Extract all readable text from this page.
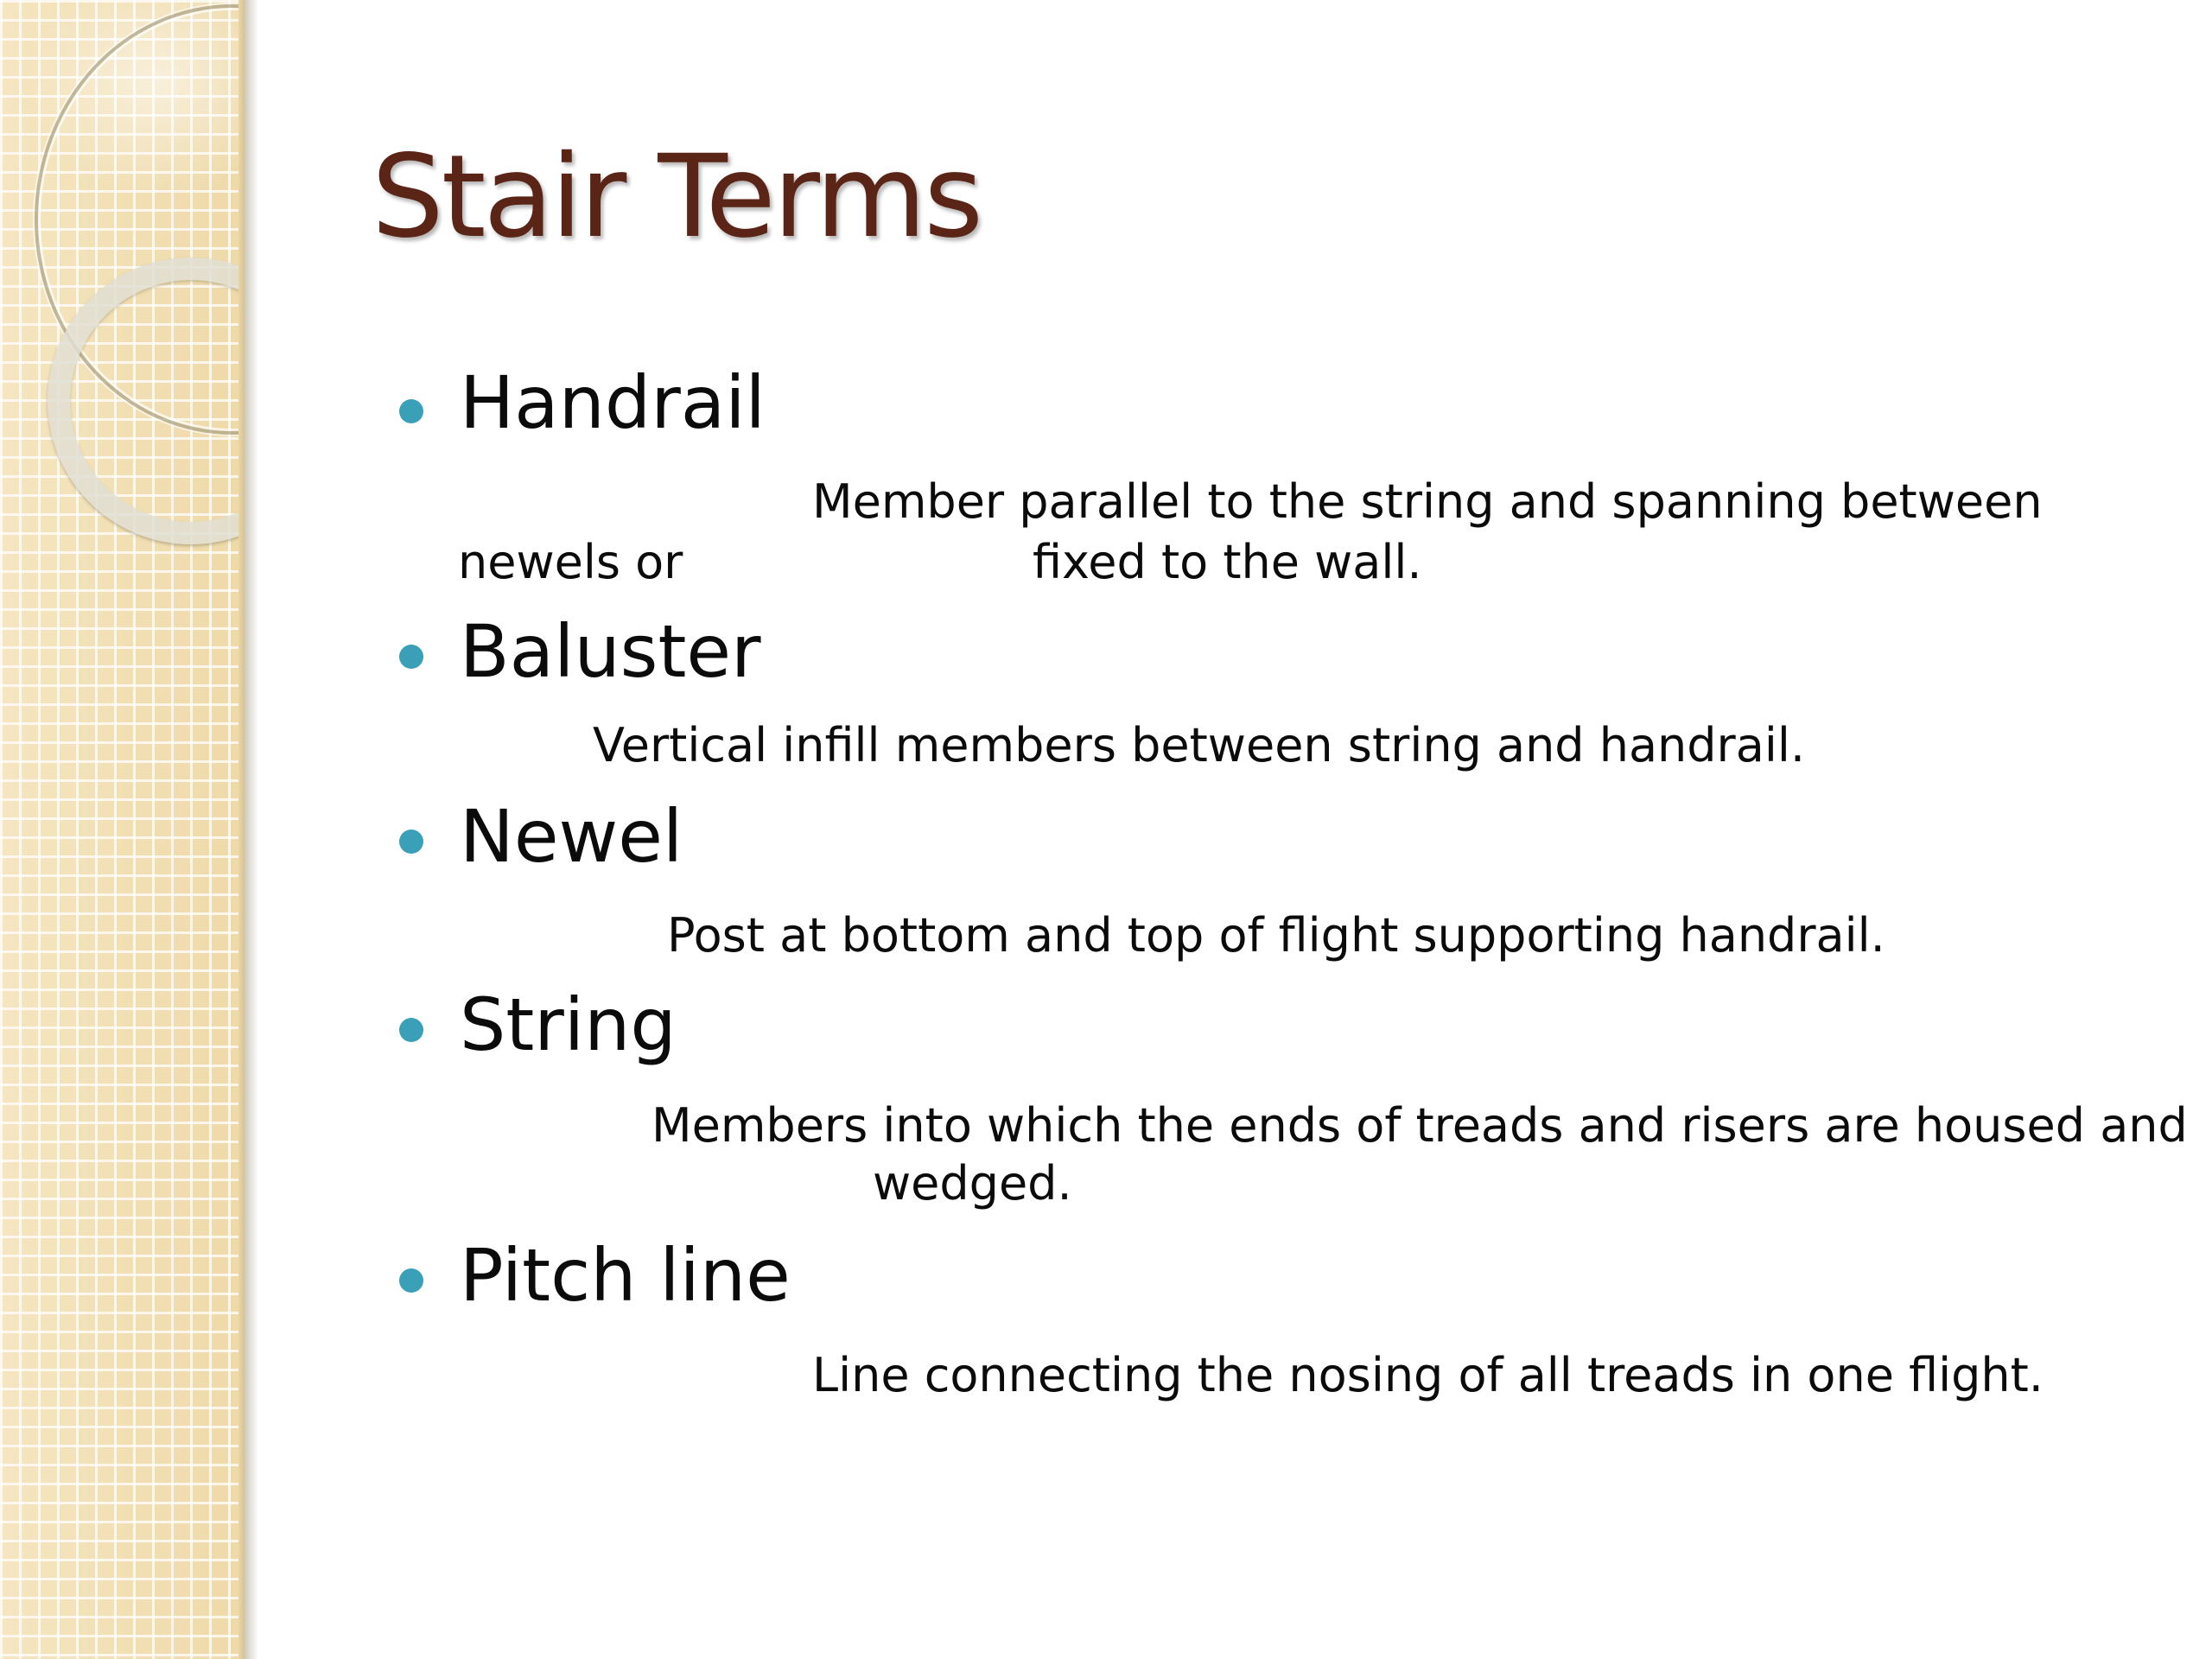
Stair Terms
Handrail
Member parallel to the string and spanning between
newels or	fixed to the wall.
Baluster
Vertical infill members between string and handrail.
Newel
Post at bottom and top of flight supporting handrail.
String
Members into which the ends of treads and risers are housed and
wedged.
Pitch line
Line connecting the nosing of all treads in one flight.
